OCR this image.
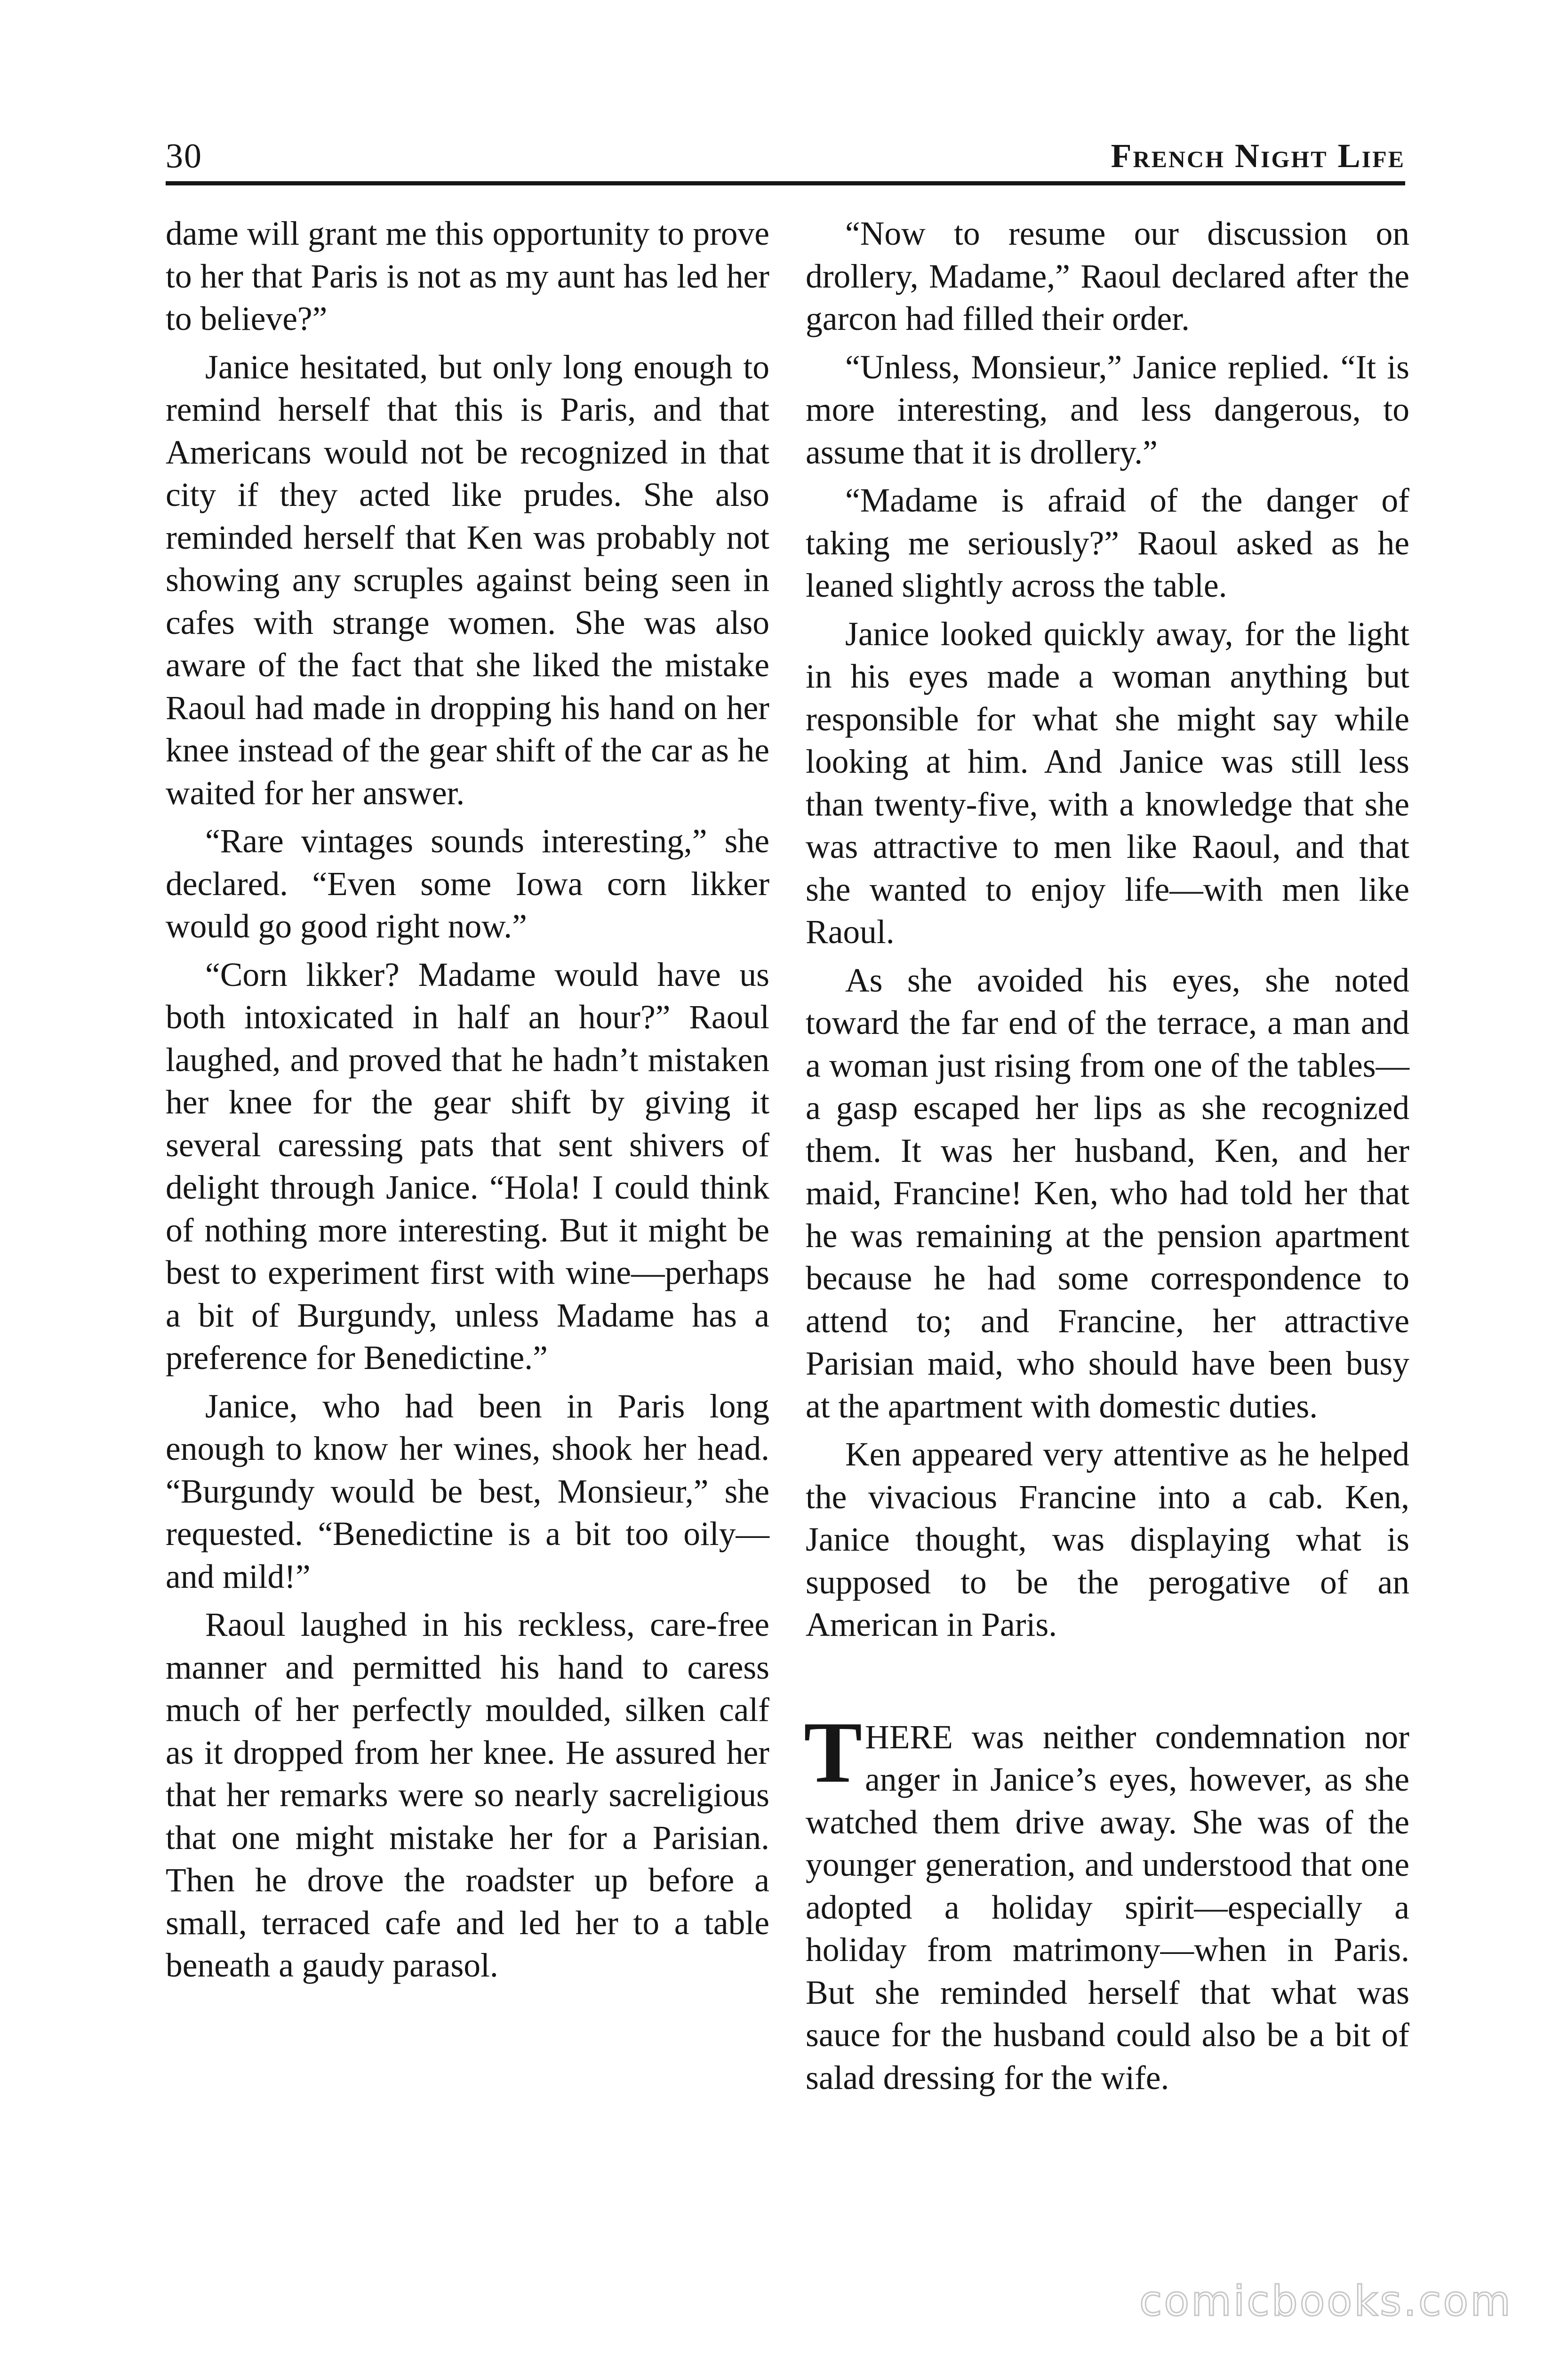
30	French Night Life

dame will grant me this opportunity to prove to her that Paris is not as my aunt has led her to believe?”

Janice hesitated, but only long enough to remind herself that this is Paris, and that Americans would not be recognized in that city if they acted like prudes. She also reminded herself that Ken was probably not showing any scruples against being seen in cafes with strange women. She was also aware of the fact that she liked the mistake Raoul had made in dropping his hand on her knee instead of the gear shift of the car as he waited for her answer.

“Rare vintages sounds interesting,” she declared. “Even some Iowa corn likker would go good right now.”

“Corn likker? Madame would have us both intoxicated in half an hour?” Raoul laughed, and proved that he hadn’t mistaken her knee for the gear shift by giving it several caressing pats that sent shivers of delight through Janice. “Hola! I could think of nothing more interesting. But it might be best to experiment first with wine—perhaps a bit of Burgundy, unless Madame has a preference for Benedictine.”

Janice, who had been in Paris long enough to know her wines, shook her head. “Burgundy would be best, Monsieur,” she requested. “Benedictine is a bit too oily—and mild!”

Raoul laughed in his reckless, care-free manner and permitted his hand to caress much of her perfectly moulded, silken calf as it dropped from her knee. He assured her that her remarks were so nearly sacreligious that one might mistake her for a Parisian. Then he drove the roadster up before a small, terraced cafe and led her to a table beneath a gaudy parasol.

“Now to resume our discussion on drollery, Madame,” Raoul declared after the garcon had filled their order.

“Unless, Monsieur,” Janice replied. “It is more interesting, and less dangerous, to assume that it is drollery.”

“Madame is afraid of the danger of taking me seriously?” Raoul asked as he leaned slightly across the table.

Janice looked quickly away, for the light in his eyes made a woman anything but responsible for what she might say while looking at him. And Janice was still less than twenty-five, with a knowledge that she was attractive to men like Raoul, and that she wanted to enjoy life—with men like Raoul.

As she avoided his eyes, she noted toward the far end of the terrace, a man and a woman just rising from one of the tables—a gasp escaped her lips as she recognized them. It was her husband, Ken, and her maid, Francine! Ken, who had told her that he was remaining at the pension apartment because he had some correspondence to attend to; and Francine, her attractive Parisian maid, who should have been busy at the apartment with domestic duties.

Ken appeared very attentive as he helped the vivacious Francine into a cab. Ken, Janice thought, was displaying what is supposed to be the perogative of an American in Paris.

THERE was neither condemnation nor anger in Janice’s eyes, however, as she watched them drive away. She was of the younger generation, and understood that one adopted a holiday spirit—especially a holiday from matrimony—when in Paris. But she reminded herself that what was sauce for the husband could also be a bit of salad dressing for the wife.

comicbooks.com
